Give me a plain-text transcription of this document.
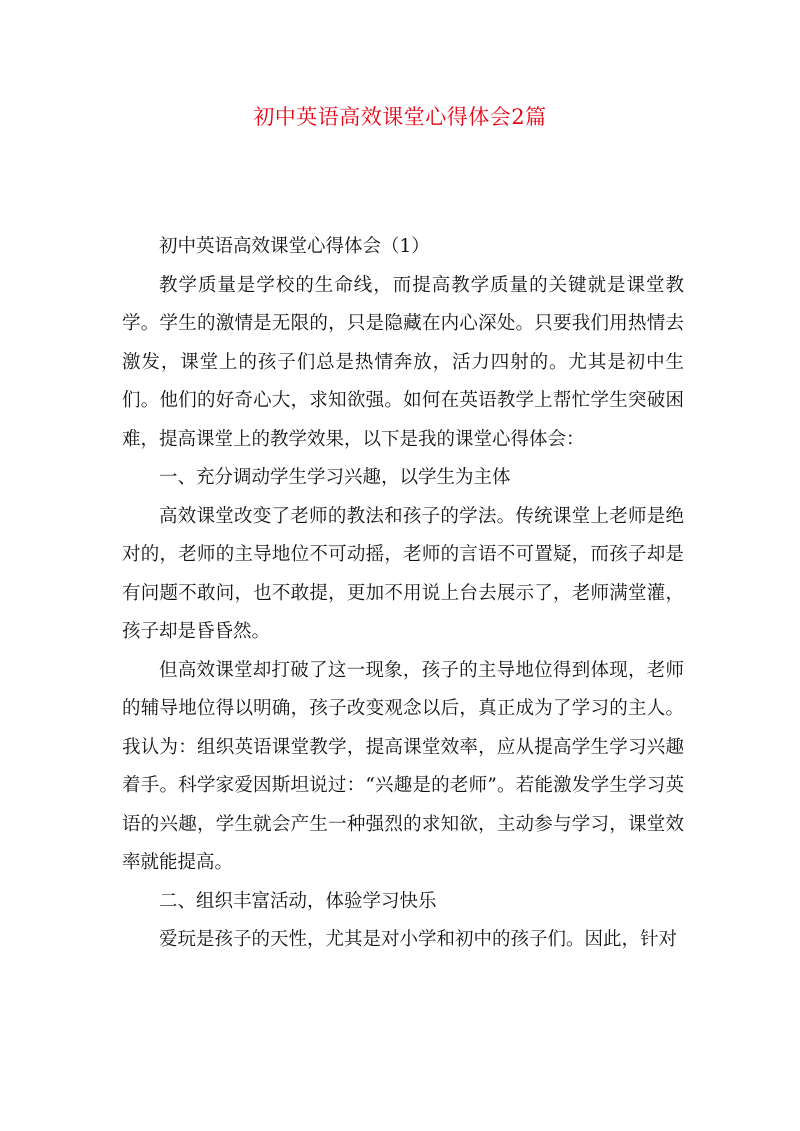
初中英语高效课堂心得体会2篇

初中英语高效课堂心得体会（1）

教学质量是学校的生命线，而提高教学质量的关键就是课堂教学。学生的激情是无限的，只是隐藏在内心深处。只要我们用热情去激发，课堂上的孩子们总是热情奔放，活力四射的。尤其是初中生们。他们的好奇心大，求知欲强。如何在英语教学上帮忙学生突破困难，提高课堂上的教学效果，以下是我的课堂心得体会：

一、充分调动学生学习兴趣，以学生为主体

高效课堂改变了老师的教法和孩子的学法。传统课堂上老师是绝对的，老师的主导地位不可动摇，老师的言语不可置疑，而孩子却是有问题不敢问，也不敢提，更加不用说上台去展示了，老师满堂灌，孩子却是昏昏然。

但高效课堂却打破了这一现象，孩子的主导地位得到体现，老师的辅导地位得以明确，孩子改变观念以后，真正成为了学习的主人。我认为：组织英语课堂教学，提高课堂效率，应从提高学生学习兴趣着手。科学家爱因斯坦说过：“兴趣是的老师”。若能激发学生学习英语的兴趣，学生就会产生一种强烈的求知欲，主动参与学习，课堂效率就能提高。

二、组织丰富活动，体验学习快乐

爱玩是孩子的天性，尤其是对小学和初中的孩子们。因此，针对
